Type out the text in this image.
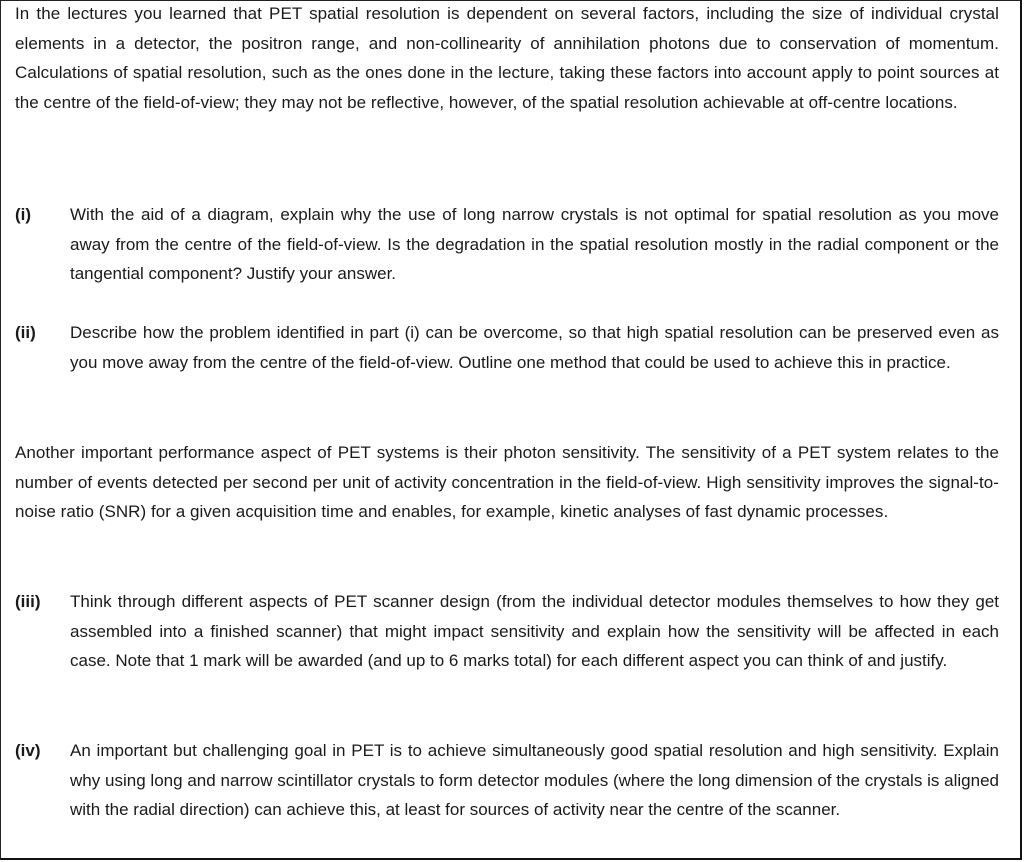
In the lectures you learned that PET spatial resolution is dependent on several factors, including the size of individual crystal elements in a detector, the positron range, and non-collinearity of annihilation photons due to conservation of momentum. Calculations of spatial resolution, such as the ones done in the lecture, taking these factors into account apply to point sources at the centre of the field-of-view; they may not be reflective, however, of the spatial resolution achievable at off-centre locations.
(i) With the aid of a diagram, explain why the use of long narrow crystals is not optimal for spatial resolution as you move away from the centre of the field-of-view. Is the degradation in the spatial resolution mostly in the radial component or the tangential component? Justify your answer.
(ii) Describe how the problem identified in part (i) can be overcome, so that high spatial resolution can be preserved even as you move away from the centre of the field-of-view. Outline one method that could be used to achieve this in practice.
Another important performance aspect of PET systems is their photon sensitivity. The sensitivity of a PET system relates to the number of events detected per second per unit of activity concentration in the field-of-view. High sensitivity improves the signal-to-noise ratio (SNR) for a given acquisition time and enables, for example, kinetic analyses of fast dynamic processes.
(iii) Think through different aspects of PET scanner design (from the individual detector modules themselves to how they get assembled into a finished scanner) that might impact sensitivity and explain how the sensitivity will be affected in each case. Note that 1 mark will be awarded (and up to 6 marks total) for each different aspect you can think of and justify.
(iv) An important but challenging goal in PET is to achieve simultaneously good spatial resolution and high sensitivity. Explain why using long and narrow scintillator crystals to form detector modules (where the long dimension of the crystals is aligned with the radial direction) can achieve this, at least for sources of activity near the centre of the scanner.
